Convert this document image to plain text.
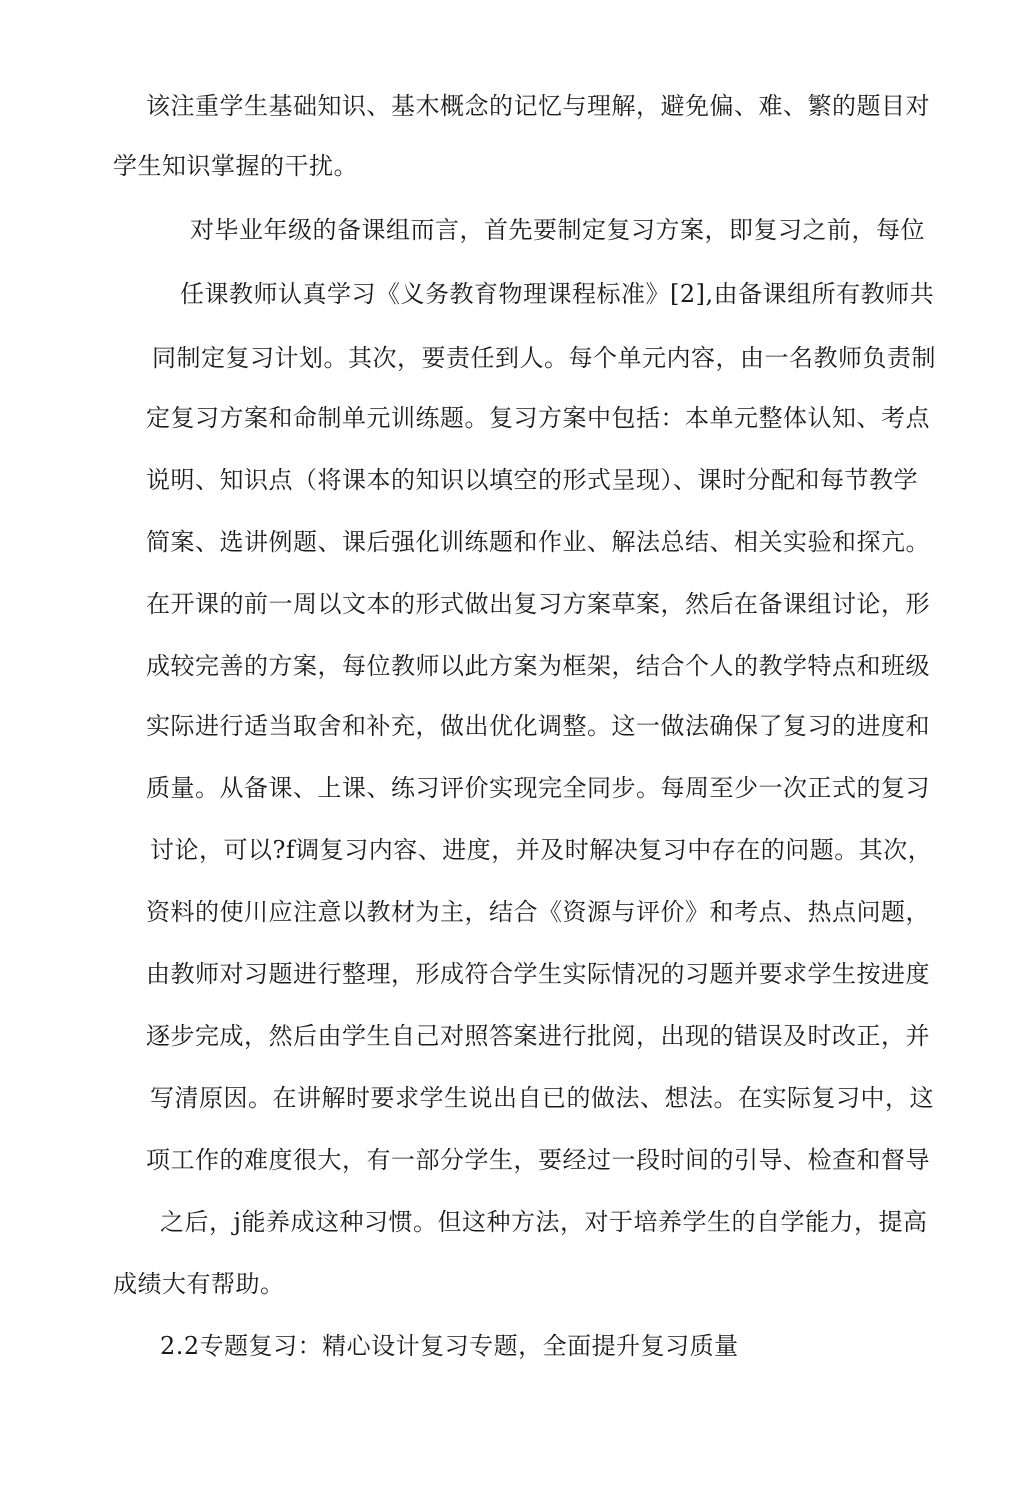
该注重学生基础知识、基木概念的记忆与理解，避免偏、难、繁的题目对
学生知识掌握的干扰。
对毕业年级的备课组而言，首先要制定复习方案，即复习之前，每位
任课教师认真学习《义务教育物理课程标准》[2],由备课组所有教师共
同制定复习计划。其次，要责任到人。每个单元内容，由一名教师负责制
定复习方案和命制单元训练题。复习方案中包括：本单元整体认知、考点
说明、知识点（将课本的知识以填空的形式呈现）、课时分配和每节教学
简案、选讲例题、课后强化训练题和作业、解法总结、相关实验和探亢。
在开课的前一周以文本的形式做出复习方案草案，然后在备课组讨论，形
成较完善的方案，每位教师以此方案为框架，结合个人的教学特点和班级
实际进行适当取舍和补充，做出优化调整。这一做法确保了复习的进度和
质量。从备课、上课、练习评价实现完全同步。每周至少一次正式的复习
讨论，可以?f调复习内容、进度，并及时解决复习中存在的问题。其次，
资料的使川应注意以教材为主，结合《资源与评价》和考点、热点问题，
由教师对习题进行整理，形成符合学生实际情况的习题并要求学生按进度
逐步完成，然后由学生自己对照答案进行批阅，出现的错误及时改正，并
写清原因。在讲解时要求学生说出自已的做法、想法。在实际复习中，这
项工作的难度很大，有一部分学生，要经过一段时间的引导、检查和督导
之后，j能养成这种习惯。但这种方法，对于培养学生的自学能力，提高
成绩大有帮助。
2.2专题复习：精心设计复习专题，全面提升复习质量
